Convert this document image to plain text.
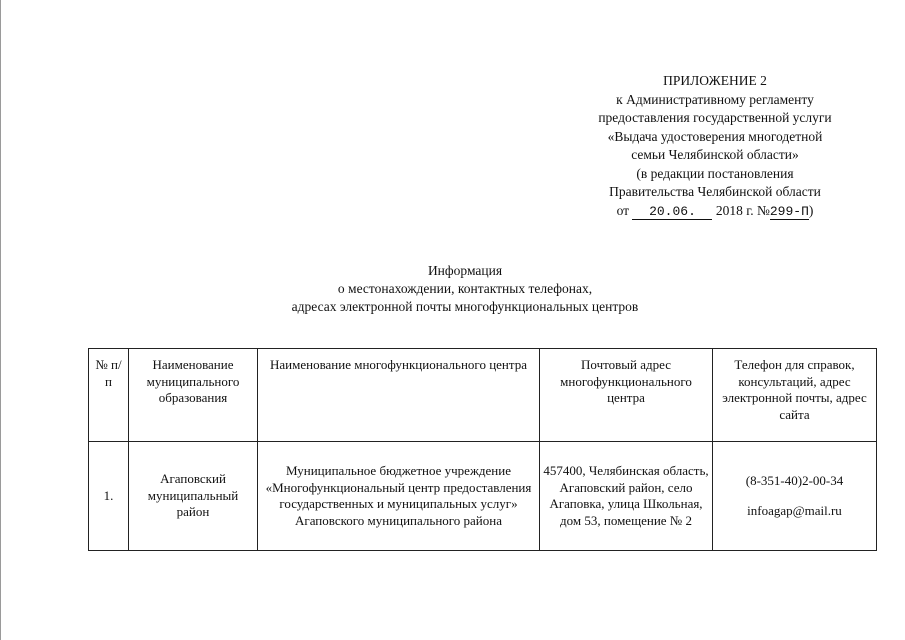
ПРИЛОЖЕНИЕ 2
к Административному регламенту
предоставления государственной услуги
«Выдача удостоверения многодетной
семьи Челябинской области»
(в редакции постановления
Правительства Челябинской области
от 20.06. 2018 г. №299-П)
Информация
о местонахождении, контактных телефонах,
адресах электронной почты многофункциональных центров
№ п/п	Наименование муниципального образования	Наименование многофункционального центра	Почтовый адрес многофункционального центра	Телефон для справок, консультаций, адрес электронной почты, адрес сайта
1.	Агаповский муниципальный район	Муниципальное бюджетное учреждение «Многофункциональный центр предоставления государственных и муниципальных услуг» Агаповского муниципального района	457400, Челябинская область, Агаповский район, село Агаповка, улица Школьная, дом 53, помещение № 2	(8-351-40)2-00-34
infoagap@mail.ru
